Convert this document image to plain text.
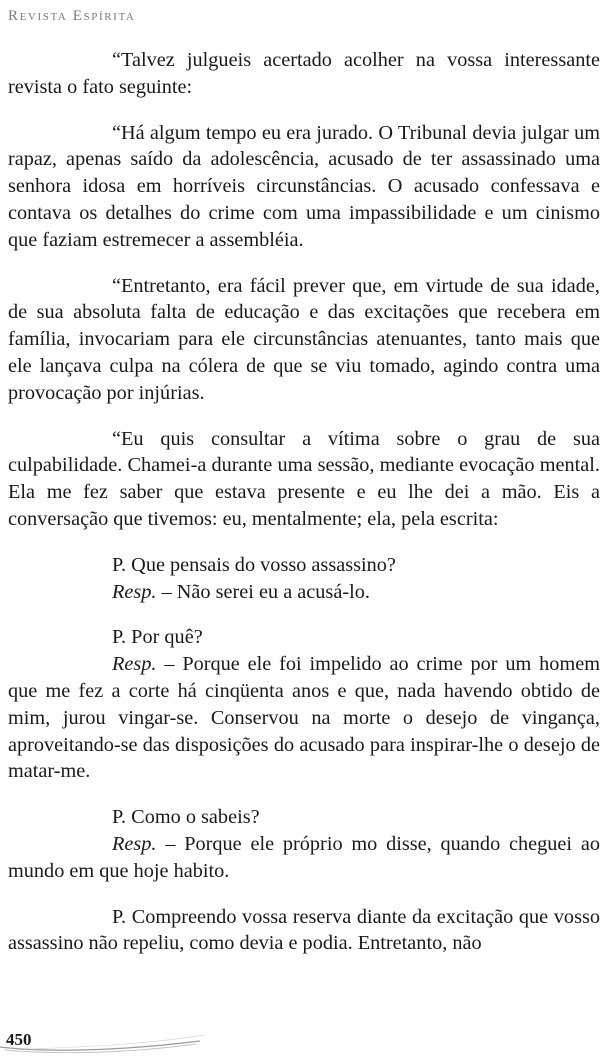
Revista Espírita

“Talvez julgueis acertado acolher na vossa interessante revista o fato seguinte:

“Há algum tempo eu era jurado. O Tribunal devia julgar um rapaz, apenas saído da adolescência, acusado de ter assassinado uma senhora idosa em horríveis circunstâncias. O acusado confessava e contava os detalhes do crime com uma impassibilidade e um cinismo que faziam estremecer a assembléia.

“Entretanto, era fácil prever que, em virtude de sua idade, de sua absoluta falta de educação e das excitações que recebera em família, invocariam para ele circunstâncias atenuantes, tanto mais que ele lançava culpa na cólera de que se viu tomado, agindo contra uma provocação por injúrias.

“Eu quis consultar a vítima sobre o grau de sua culpabilidade. Chamei-a durante uma sessão, mediante evocação mental. Ela me fez saber que estava presente e eu lhe dei a mão. Eis a conversação que tivemos: eu, mentalmente; ela, pela escrita:

P. Que pensais do vosso assassino?

Resp. – Não serei eu a acusá-lo.

P. Por quê?

Resp. – Porque ele foi impelido ao crime por um homem que me fez a corte há cinqüenta anos e que, nada havendo obtido de mim, jurou vingar-se. Conservou na morte o desejo de vingança, aproveitando-se das disposições do acusado para inspirar-lhe o desejo de matar-me.

P. Como o sabeis?

Resp. – Porque ele próprio mo disse, quando cheguei ao mundo em que hoje habito.

P. Compreendo vossa reserva diante da excitação que vosso assassino não repeliu, como devia e podia. Entretanto, não

450
